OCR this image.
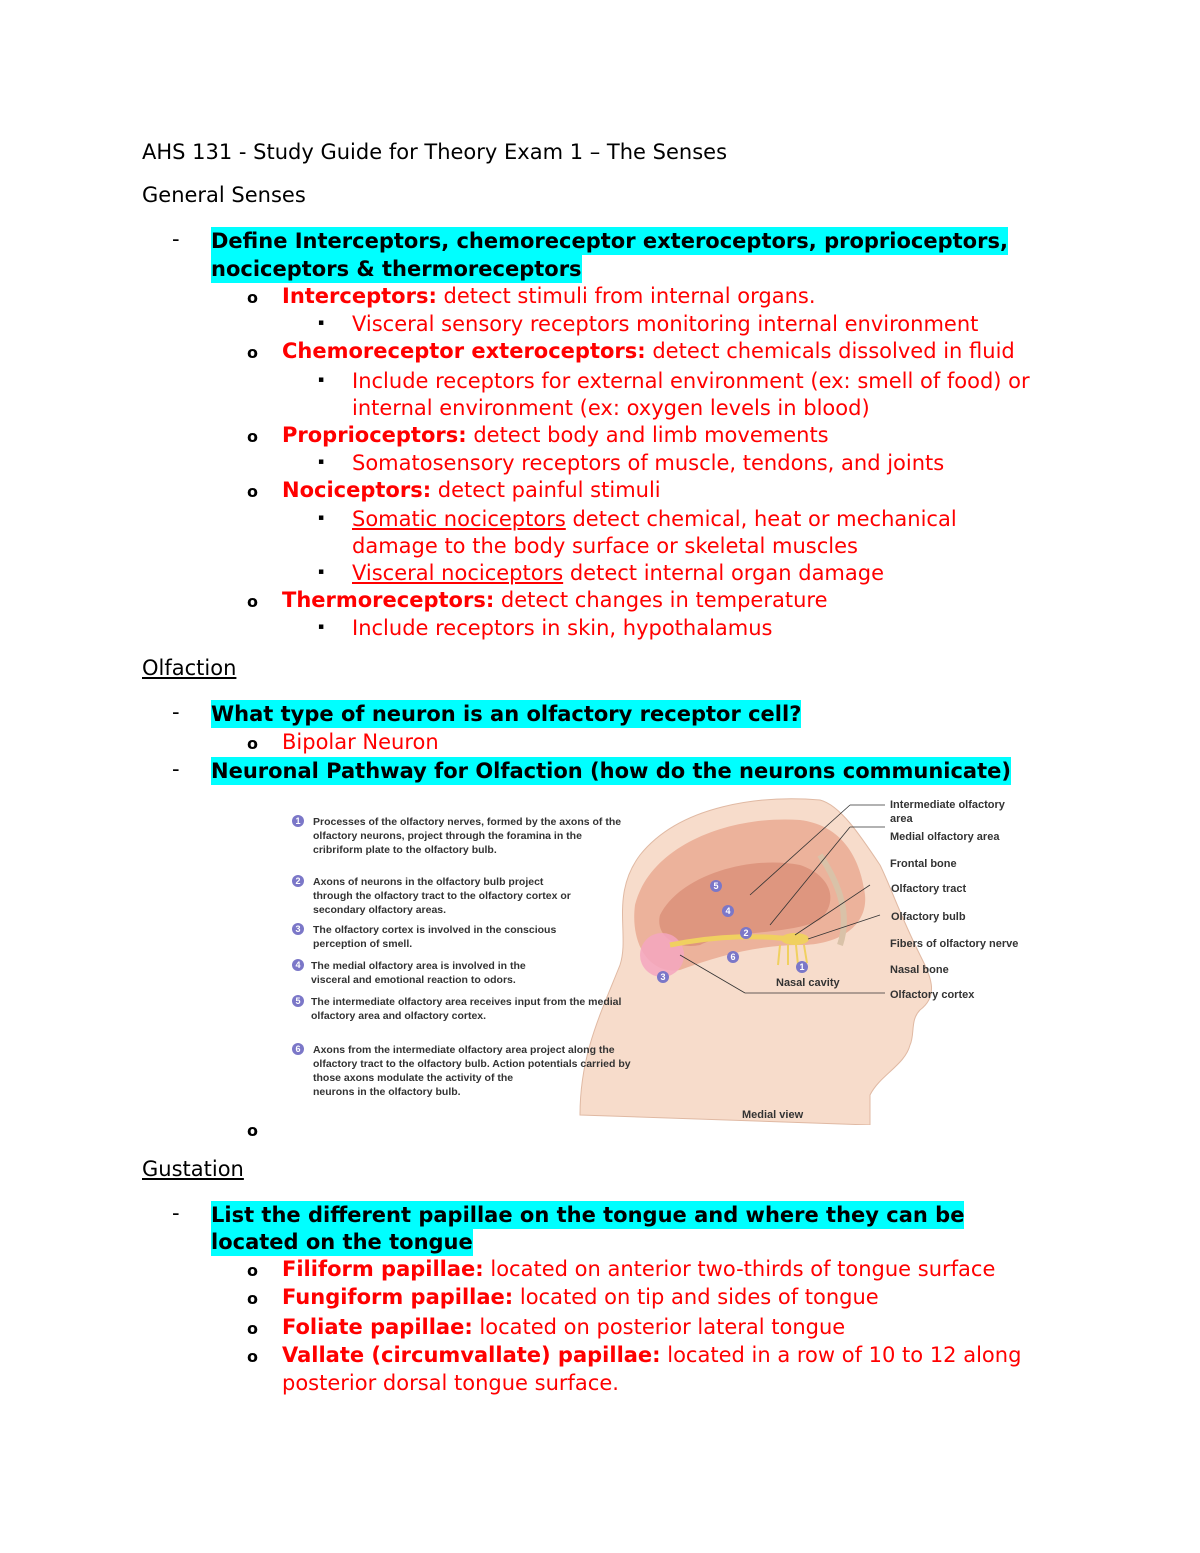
AHS 131 - Study Guide for Theory Exam 1 – The Senses
General Senses
- Define Interceptors, chemoreceptor exteroceptors, proprioceptors,
nociceptors & thermoreceptors
o Interceptors: detect stimuli from internal organs.
▪ Visceral sensory receptors monitoring internal environment
o Chemoreceptor exteroceptors: detect chemicals dissolved in fluid
▪ Include receptors for external environment (ex: smell of food) or
internal environment (ex: oxygen levels in blood)
o Proprioceptors: detect body and limb movements
▪ Somatosensory receptors of muscle, tendons, and joints
o Nociceptors: detect painful stimuli
▪ Somatic nociceptors detect chemical, heat or mechanical
damage to the body surface or skeletal muscles
▪ Visceral nociceptors detect internal organ damage
o Thermoreceptors: detect changes in temperature
▪ Include receptors in skin, hypothalamus
Olfaction
- What type of neuron is an olfactory receptor cell?
o Bipolar Neuron
- Neuronal Pathway for Olfaction (how do the neurons communicate)
1	Processes of the olfactory nerves, formed by the axons of the
olfactory neurons, project through the foramina in the
cribriform plate to the olfactory bulb.
2	Axons of neurons in the olfactory bulb project
through the olfactory tract to the olfactory cortex or
secondary olfactory areas.
3	The olfactory cortex is involved in the conscious
perception of smell.
4	The medial olfactory area is involved in the
visceral and emotional reaction to odors.
5	The intermediate olfactory area receives input from the medial
olfactory area and olfactory cortex.
6	Axons from the intermediate olfactory area project along the
olfactory tract to the olfactory bulb. Action potentials carried by
those axons modulate the activity of the
neurons in the olfactory bulb.
5
4
2
6
3
1
Intermediate olfactory
area
Medial olfactory area
Frontal bone
Olfactory tract
Olfactory bulb
Fibers of olfactory nerve
Nasal bone
Olfactory cortex
Nasal cavity
Medial view
o
Gustation
- List the different papillae on the tongue and where they can be
located on the tongue
o Filiform papillae: located on anterior two-thirds of tongue surface
o Fungiform papillae: located on tip and sides of tongue
o Foliate papillae: located on posterior lateral tongue
o Vallate (circumvallate) papillae: located in a row of 10 to 12 along
posterior dorsal tongue surface.
